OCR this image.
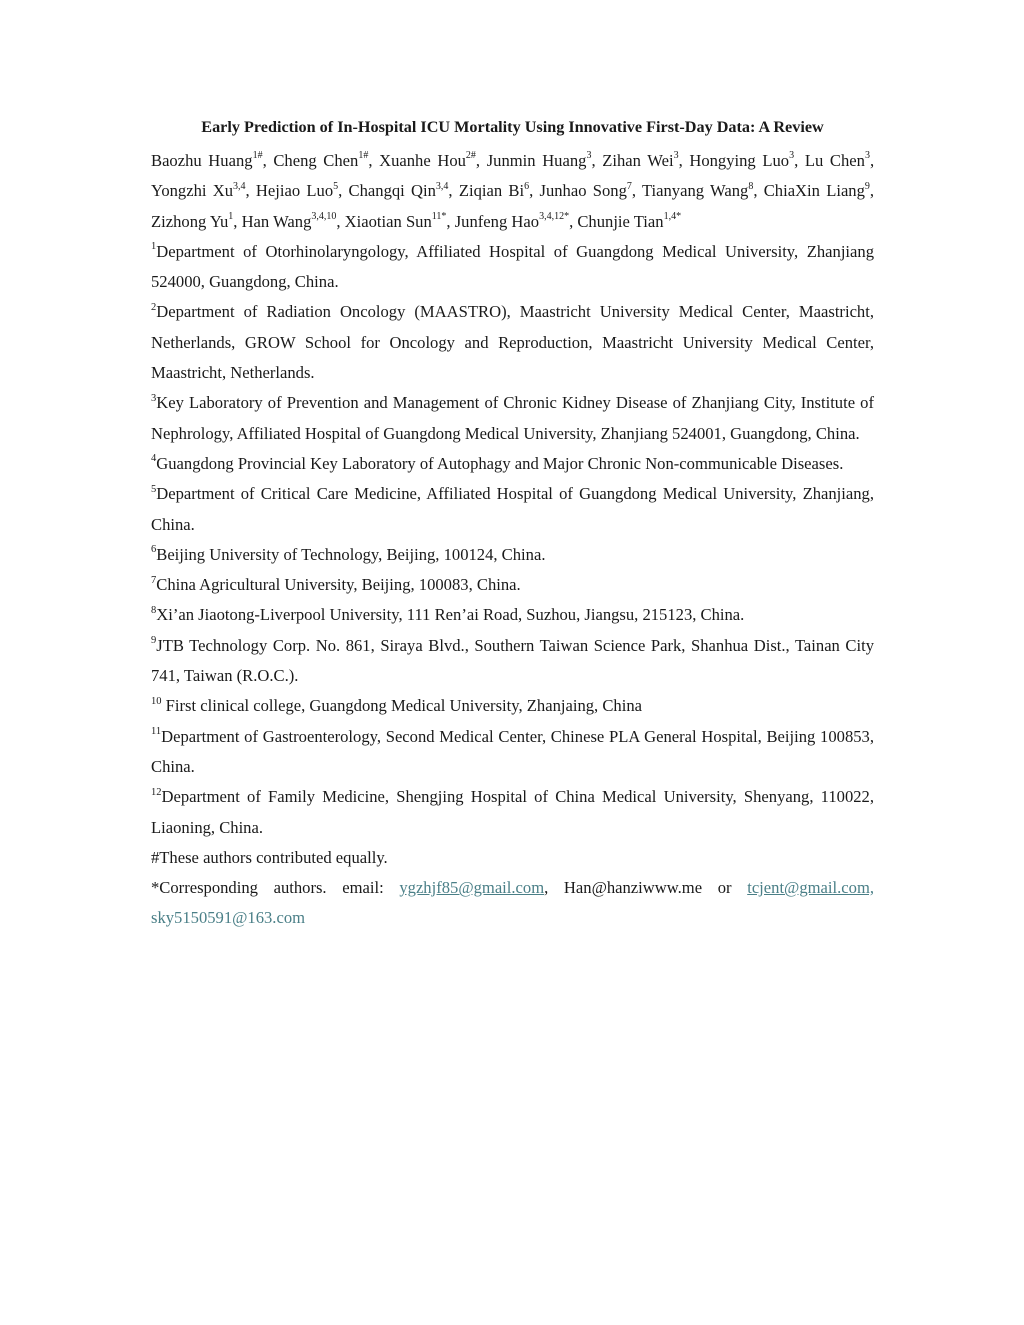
Early Prediction of In-Hospital ICU Mortality Using Innovative First-Day Data: A Review

Baozhu Huang$^{1\#}$, Cheng Chen$^{1\#}$, Xuanhe Hou$^{2\#}$, Junmin Huang$^3$, Zihan Wei$^3$, Hongying Luo$^3$, Lu Chen$^3$, Yongzhi Xu$^{3,4}$, Hejiao Luo$^5$, Changqi Qin$^{3,4}$, Ziqian Bi$^6$, Junhao Song$^7$, Tianyang Wang$^8$, ChiaXin Liang$^9$, Zizhong Yu$^1$, Han Wang$^{3,4,10}$, Xiaotian Sun$^{11*}$, Junfeng Hao$^{3,4,12*}$, Chunjie Tian$^{1,4*}$

$^1$Department of Otorhinolaryngology, Affiliated Hospital of Guangdong Medical University, Zhanjiang 524000, Guangdong, China.

$^2$Department of Radiation Oncology (MAASTRO), Maastricht University Medical Center, Maastricht, Netherlands, GROW School for Oncology and Reproduction, Maastricht University Medical Center, Maastricht, Netherlands.

$^3$Key Laboratory of Prevention and Management of Chronic Kidney Disease of Zhanjiang City, Institute of Nephrology, Affiliated Hospital of Guangdong Medical University, Zhanjiang 524001, Guangdong, China.

$^4$Guangdong Provincial Key Laboratory of Autophagy and Major Chronic Non-communicable Diseases.

$^5$Department of Critical Care Medicine, Affiliated Hospital of Guangdong Medical University, Zhanjiang, China.

$^6$Beijing University of Technology, Beijing, 100124, China.

$^7$China Agricultural University, Beijing, 100083, China.

$^8$Xi’an Jiaotong-Liverpool University, 111 Ren’ai Road, Suzhou, Jiangsu, 215123, China.

$^9$JTB Technology Corp. No. 861, Siraya Blvd., Southern Taiwan Science Park, Shanhua Dist., Tainan City 741, Taiwan (R.O.C.).

$^{10}$ First clinical college, Guangdong Medical University, Zhanjaing, China

$^{11}$Department of Gastroenterology, Second Medical Center, Chinese PLA General Hospital, Beijing 100853, China.

$^{12}$Department of Family Medicine, Shengjing Hospital of China Medical University, Shenyang, 110022, Liaoning, China.

#These authors contributed equally.

*Corresponding authors. email: ygzhjf85@gmail.com, Han@hanziwww.me or tcjent@gmail.com, sky5150591@163.com
